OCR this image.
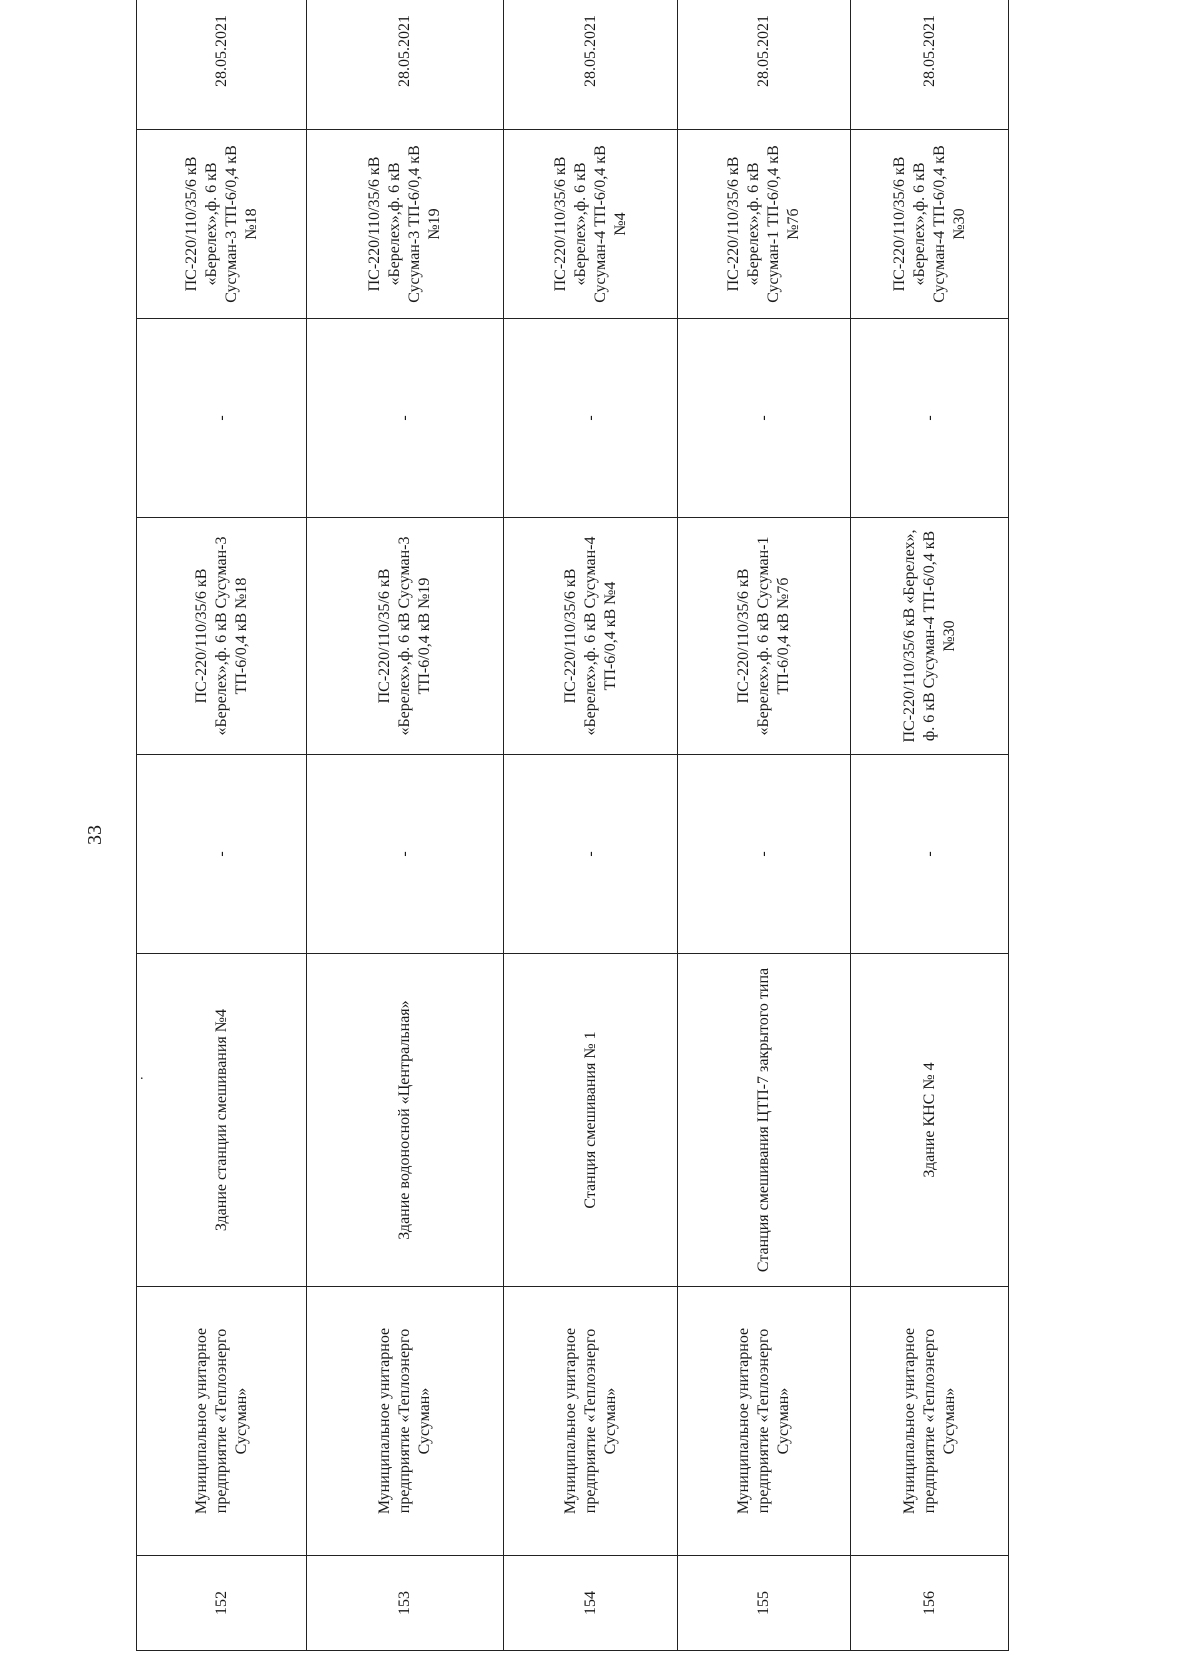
33
.
152	Муниципальное унитарное предприятие «Теплоэнерго Сусуман»	Здание станции смешивания №4	-	ПС-220/110/35/6 кВ «Берелех»,ф. 6 кВ Сусуман-3 ТП-6/0,4 кВ №18	-	ПС-220/110/35/6 кВ «Берелех»,ф. 6 кВ Сусуман-3 ТП-6/0,4 кВ №18	28.05.2021	
153	Муниципальное унитарное предприятие «Теплоэнерго Сусуман»	Здание водоносной «Центральная»	-	ПС-220/110/35/6 кВ «Берелех»,ф. 6 кВ Сусуман-3 ТП-6/0,4 кВ №19	-	ПС-220/110/35/6 кВ «Берелех»,ф. 6 кВ Сусуман-3 ТП-6/0,4 кВ №19	28.05.2021	
154	Муниципальное унитарное предприятие «Теплоэнерго Сусуман»	Станция смешивания № 1	-	ПС-220/110/35/6 кВ «Берелех»,ф. 6 кВ Сусуман-4 ТП-6/0,4 кВ №4	-	ПС-220/110/35/6 кВ «Берелех»,ф. 6 кВ Сусуман-4 ТП-6/0,4 кВ №4	28.05.2021	
155	Муниципальное унитарное предприятие «Теплоэнерго Сусуман»	Станция смешивания ЦТП-7 закрытого типа	-	ПС-220/110/35/6 кВ «Берелех»,ф. 6 кВ Сусуман-1 ТП-6/0,4 кВ №7б	-	ПС-220/110/35/6 кВ «Берелех»,ф. 6 кВ Сусуман-1 ТП-6/0,4 кВ №7б	28.05.2021	
156	Муниципальное унитарное предприятие «Теплоэнерго Сусуман»	Здание КНС № 4	-	ПС-220/110/35/6 кВ «Берелех», ф. 6 кВ Сусуман-4 ТП-6/0,4 кВ №30	-	ПС-220/110/35/6 кВ «Берелех»,ф. 6 кВ Сусуман-4 ТП-6/0,4 кВ №30	28.05.2021	
